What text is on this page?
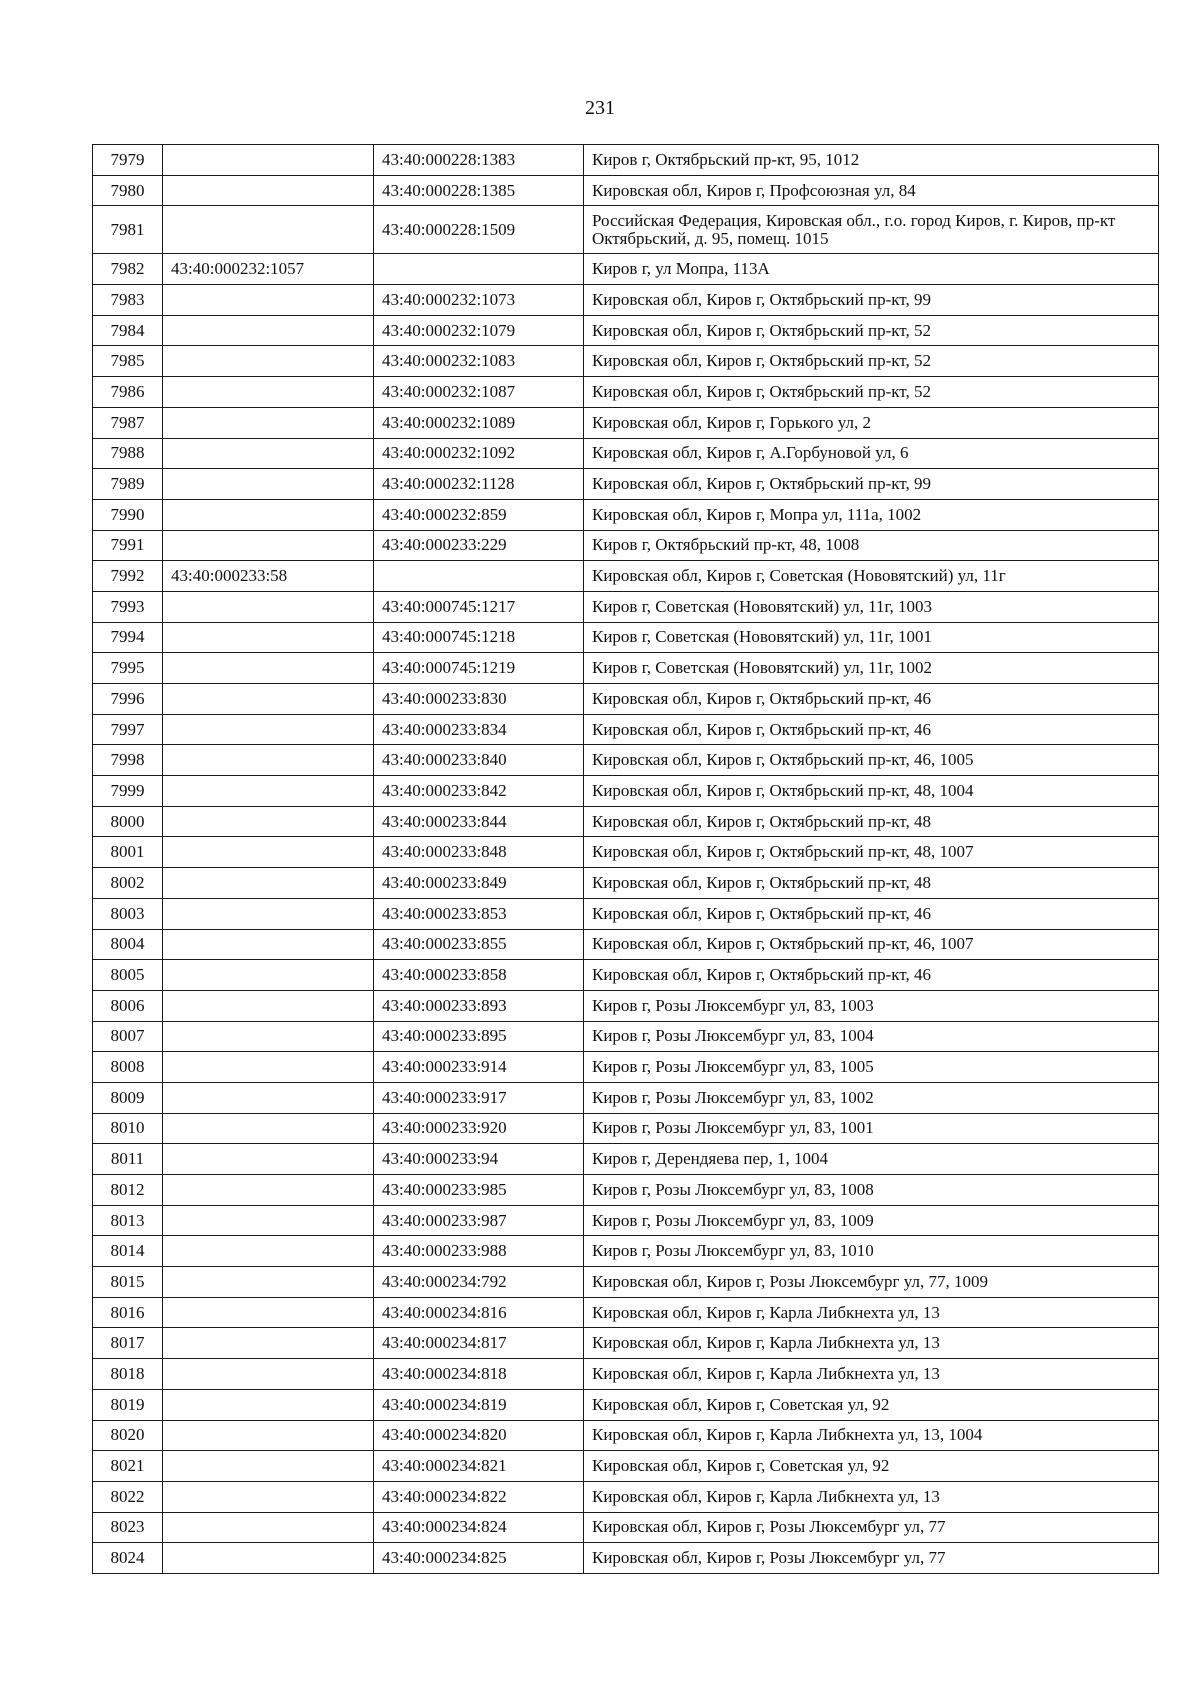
231
7979		43:40:000228:1383	Киров г, Октябрьский пр-кт, 95, 1012
7980		43:40:000228:1385	Кировская обл, Киров г, Профсоюзная ул, 84
7981		43:40:000228:1509	Российская Федерация, Кировская обл., г.о. город Киров, г. Киров, пр-кт Октябрьский, д. 95, помещ. 1015
7982	43:40:000232:1057		Киров г, ул Мопра, 113А
7983		43:40:000232:1073	Кировская обл, Киров г, Октябрьский пр-кт, 99
7984		43:40:000232:1079	Кировская обл, Киров г, Октябрьский пр-кт, 52
7985		43:40:000232:1083	Кировская обл, Киров г, Октябрьский пр-кт, 52
7986		43:40:000232:1087	Кировская обл, Киров г, Октябрьский пр-кт, 52
7987		43:40:000232:1089	Кировская обл, Киров г, Горького ул, 2
7988		43:40:000232:1092	Кировская обл, Киров г, А.Горбуновой ул, 6
7989		43:40:000232:1128	Кировская обл, Киров г, Октябрьский пр-кт, 99
7990		43:40:000232:859	Кировская обл, Киров г, Мопра ул, 111а, 1002
7991		43:40:000233:229	Киров г, Октябрьский пр-кт, 48, 1008
7992	43:40:000233:58		Кировская обл, Киров г, Советская (Нововятский) ул, 11г
7993		43:40:000745:1217	Киров г, Советская (Нововятский) ул, 11г, 1003
7994		43:40:000745:1218	Киров г, Советская (Нововятский) ул, 11г, 1001
7995		43:40:000745:1219	Киров г, Советская (Нововятский) ул, 11г, 1002
7996		43:40:000233:830	Кировская обл, Киров г, Октябрьский пр-кт, 46
7997		43:40:000233:834	Кировская обл, Киров г, Октябрьский пр-кт, 46
7998		43:40:000233:840	Кировская обл, Киров г, Октябрьский пр-кт, 46, 1005
7999		43:40:000233:842	Кировская обл, Киров г, Октябрьский пр-кт, 48, 1004
8000		43:40:000233:844	Кировская обл, Киров г, Октябрьский пр-кт, 48
8001		43:40:000233:848	Кировская обл, Киров г, Октябрьский пр-кт, 48, 1007
8002		43:40:000233:849	Кировская обл, Киров г, Октябрьский пр-кт, 48
8003		43:40:000233:853	Кировская обл, Киров г, Октябрьский пр-кт, 46
8004		43:40:000233:855	Кировская обл, Киров г, Октябрьский пр-кт, 46, 1007
8005		43:40:000233:858	Кировская обл, Киров г, Октябрьский пр-кт, 46
8006		43:40:000233:893	Киров г, Розы Люксембург ул, 83, 1003
8007		43:40:000233:895	Киров г, Розы Люксембург ул, 83, 1004
8008		43:40:000233:914	Киров г, Розы Люксембург ул, 83, 1005
8009		43:40:000233:917	Киров г, Розы Люксембург ул, 83, 1002
8010		43:40:000233:920	Киров г, Розы Люксембург ул, 83, 1001
8011		43:40:000233:94	Киров г, Дерендяева пер, 1, 1004
8012		43:40:000233:985	Киров г, Розы Люксембург ул, 83, 1008
8013		43:40:000233:987	Киров г, Розы Люксембург ул, 83, 1009
8014		43:40:000233:988	Киров г, Розы Люксембург ул, 83, 1010
8015		43:40:000234:792	Кировская обл, Киров г, Розы Люксембург ул, 77, 1009
8016		43:40:000234:816	Кировская обл, Киров г, Карла Либкнехта ул, 13
8017		43:40:000234:817	Кировская обл, Киров г, Карла Либкнехта ул, 13
8018		43:40:000234:818	Кировская обл, Киров г, Карла Либкнехта ул, 13
8019		43:40:000234:819	Кировская обл, Киров г, Советская ул, 92
8020		43:40:000234:820	Кировская обл, Киров г, Карла Либкнехта ул, 13, 1004
8021		43:40:000234:821	Кировская обл, Киров г, Советская ул, 92
8022		43:40:000234:822	Кировская обл, Киров г, Карла Либкнехта ул, 13
8023		43:40:000234:824	Кировская обл, Киров г, Розы Люксембург ул, 77
8024		43:40:000234:825	Кировская обл, Киров г, Розы Люксембург ул, 77
